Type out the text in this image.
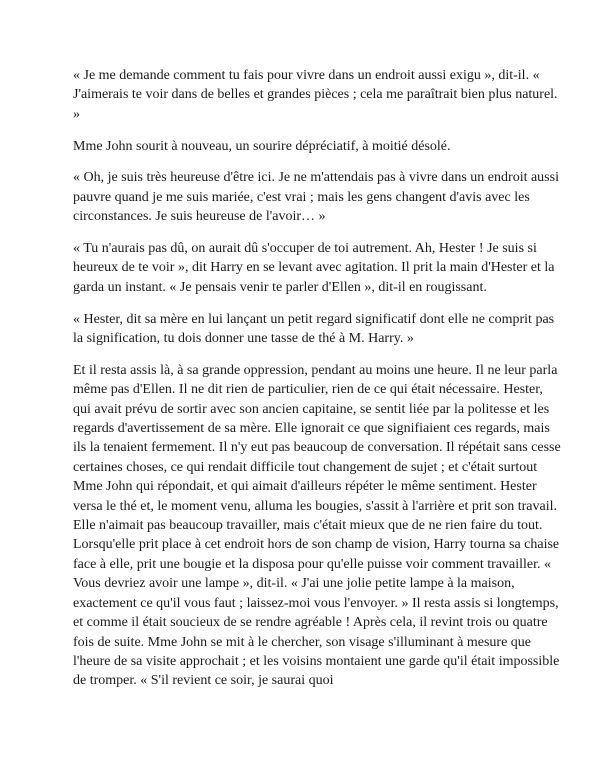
« Je me demande comment tu fais pour vivre dans un endroit aussi exigu », dit-il. « J'aimerais te voir dans de belles et grandes pièces ; cela me paraîtrait bien plus naturel. »

Mme John sourit à nouveau, un sourire dépréciatif, à moitié désolé.

« Oh, je suis très heureuse d'être ici. Je ne m'attendais pas à vivre dans un endroit aussi pauvre quand je me suis mariée, c'est vrai ; mais les gens changent d'avis avec les circonstances. Je suis heureuse de l'avoir… »

« Tu n'aurais pas dû, on aurait dû s'occuper de toi autrement. Ah, Hester ! Je suis si heureux de te voir », dit Harry en se levant avec agitation. Il prit la main d'Hester et la garda un instant. « Je pensais venir te parler d'Ellen », dit-il en rougissant.

« Hester, dit sa mère en lui lançant un petit regard significatif dont elle ne comprit pas la signification, tu dois donner une tasse de thé à M. Harry. »

Et il resta assis là, à sa grande oppression, pendant au moins une heure. Il ne leur parla même pas d'Ellen. Il ne dit rien de particulier, rien de ce qui était nécessaire. Hester, qui avait prévu de sortir avec son ancien capitaine, se sentit liée par la politesse et les regards d'avertissement de sa mère. Elle ignorait ce que signifiaient ces regards, mais ils la tenaient fermement. Il n'y eut pas beaucoup de conversation. Il répétait sans cesse certaines choses, ce qui rendait difficile tout changement de sujet ; et c'était surtout Mme John qui répondait, et qui aimait d'ailleurs répéter le même sentiment. Hester versa le thé et, le moment venu, alluma les bougies, s'assit à l'arrière et prit son travail. Elle n'aimait pas beaucoup travailler, mais c'était mieux que de ne rien faire du tout. Lorsqu'elle prit place à cet endroit hors de son champ de vision, Harry tourna sa chaise face à elle, prit une bougie et la disposa pour qu'elle puisse voir comment travailler. « Vous devriez avoir une lampe », dit-il. « J'ai une jolie petite lampe à la maison, exactement ce qu'il vous faut ; laissez-moi vous l'envoyer. » Il resta assis si longtemps, et comme il était soucieux de se rendre agréable ! Après cela, il revint trois ou quatre fois de suite. Mme John se mit à le chercher, son visage s'illuminant à mesure que l'heure de sa visite approchait ; et les voisins montaient une garde qu'il était impossible de tromper. « S'il revient ce soir, je saurai quoi
